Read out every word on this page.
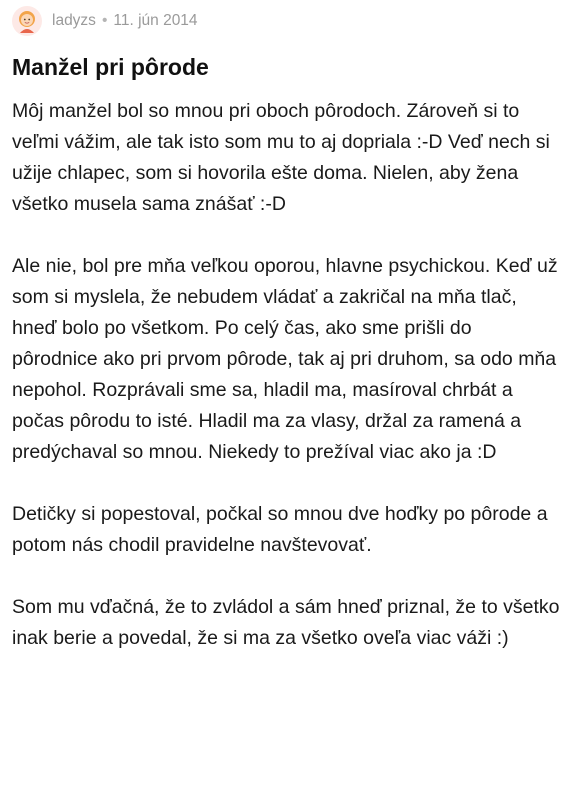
ladyzs • 11. jún 2014
Manžel pri pôrode

Môj manžel bol so mnou pri oboch pôrodoch. Zároveň si to veľmi vážim, ale tak isto som mu to aj dopriala :-D Veď nech si užije chlapec, som si hovorila ešte doma. Nielen, aby žena všetko musela sama znášať :-D

Ale nie, bol pre mňa veľkou oporou, hlavne psychickou. Keď už som si myslela, že nebudem vládať a zakričal na mňa tlač, hneď bolo po všetkom. Po celý čas, ako sme prišli do pôrodnice ako pri prvom pôrode, tak aj pri druhom, sa odo mňa nepohol. Rozprávali sme sa, hladil ma, masíroval chrbát a počas pôrodu to isté. Hladil ma za vlasy, držal za ramená a predýchaval so mnou. Niekedy to prežíval viac ako ja :D

Detičky si popestoval, počkal so mnou dve hoďky po pôrode a potom nás chodil pravidelne navštevovať.

Som mu vďačná, že to zvládol a sám hneď priznal, že to všetko inak berie a povedal, že si ma za všetko oveľa viac váži :)
